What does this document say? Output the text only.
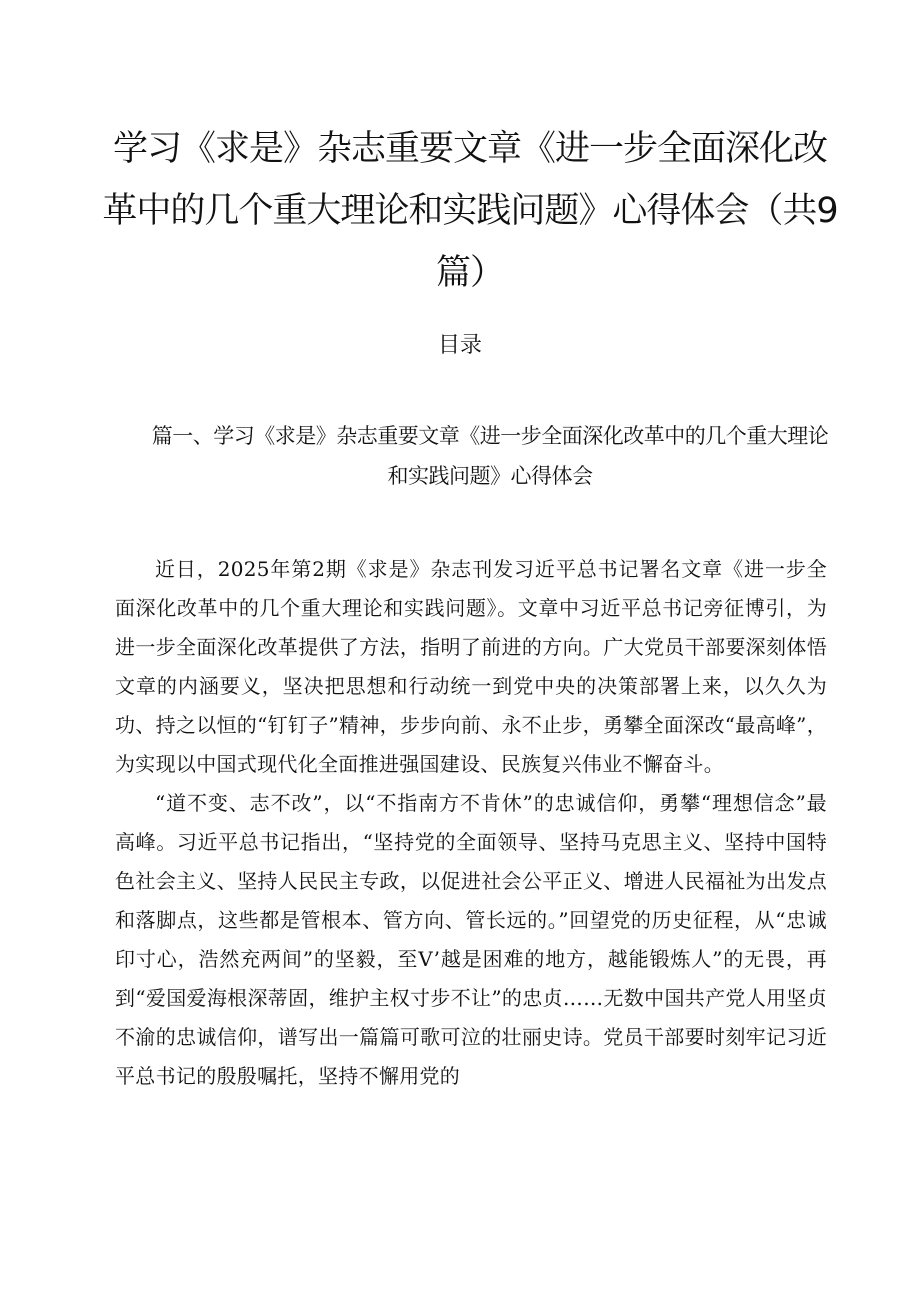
学习《求是》杂志重要文章《进一步全面深化改革中的几个重大理论和实践问题》心得体会（共9篇）
目录
篇一、学习《求是》杂志重要文章《进一步全面深化改革中的几个重大理论和实践问题》心得体会

近日，2025年第2期《求是》杂志刊发习近平总书记署名文章《进一步全面深化改革中的几个重大理论和实践问题》。文章中习近平总书记旁征博引，为进一步全面深化改革提供了方法，指明了前进的方向。广大党员干部要深刻体悟文章的内涵要义，坚决把思想和行动统一到党中央的决策部署上来，以久久为功、持之以恒的“钉钉子”精神，步步向前、永不止步，勇攀全面深改“最高峰”，为实现以中国式现代化全面推进强国建设、民族复兴伟业不懈奋斗。

“道不变、志不改”，以“不指南方不肯休”的忠诚信仰，勇攀“理想信念”最高峰。习近平总书记指出，“坚持党的全面领导、坚持马克思主义、坚持中国特色社会主义、坚持人民民主专政，以促进社会公平正义、增进人民福祉为出发点和落脚点，这些都是管根本、管方向、管长远的。”回望党的历史征程，从“忠诚印寸心，浩然充两间”的坚毅，至V’越是困难的地方，越能锻炼人”的无畏，再到“爱国爱海根深蒂固，维护主权寸步不让”的忠贞……无数中国共产党人用坚贞不渝的忠诚信仰，谱写出一篇篇可歌可泣的壮丽史诗。党员干部要时刻牢记习近平总书记的殷殷嘱托，坚持不懈用党的
